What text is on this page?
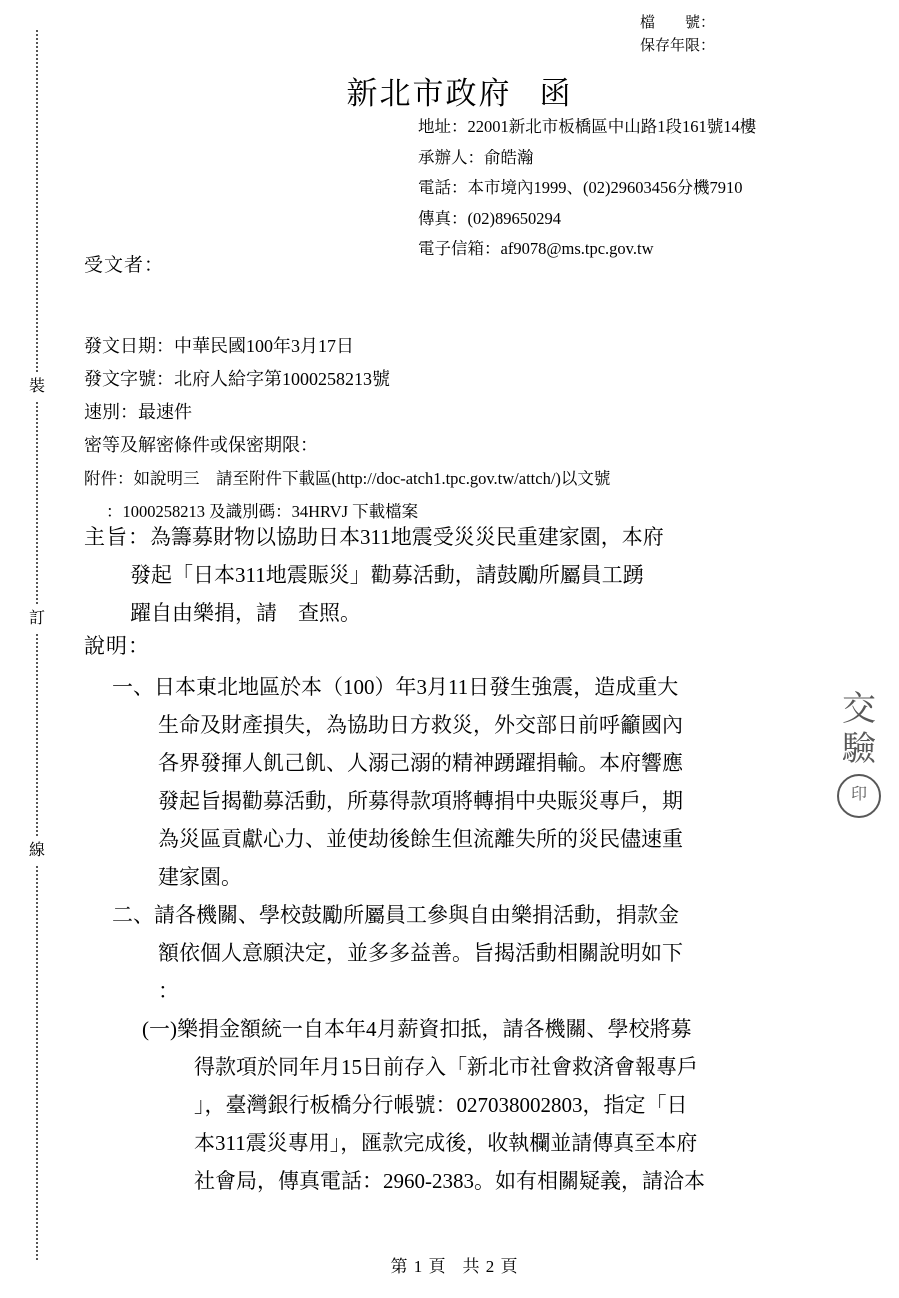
裝
訂
線
檔　　號：
保存年限：
新北市政府 函
地址：22001新北市板橋區中山路1段161號14樓
承辦人：俞皓瀚
電話：本市境內1999、(02)29603456分機7910
傳真：(02)89650294
電子信箱：af9078@ms.tpc.gov.tw
受文者：
發文日期：中華民國100年3月17日
發文字號：北府人給字第1000258213號
速別：最速件
密等及解密條件或保密期限：
附件：如說明三　請至附件下載區(http://doc-atch1.tpc.gov.tw/attch/)以文號
：1000258213 及識別碼：34HRVJ 下載檔案
主旨：為籌募財物以協助日本311地震受災災民重建家園，本府
發起「日本311地震賑災」勸募活動，請鼓勵所屬員工踴
躍自由樂捐，請　查照。
說明：
一、日本東北地區於本（100）年3月11日發生強震，造成重大
生命及財產損失，為協助日方救災，外交部日前呼籲國內
各界發揮人飢己飢、人溺己溺的精神踴躍捐輸。本府響應
發起旨揭勸募活動，所募得款項將轉捐中央賑災專戶，期
為災區貢獻心力、並使劫後餘生但流離失所的災民儘速重
建家園。
二、請各機關、學校鼓勵所屬員工參與自由樂捐活動，捐款金
額依個人意願決定，並多多益善。旨揭活動相關說明如下
：
(一)樂捐金額統一自本年4月薪資扣抵，請各機關、學校將募
得款項於同年月15日前存入「新北市社會救済會報專戶
」，臺灣銀行板橋分行帳號：027038002803，指定「日
本311震災專用」，匯款完成後，收執欄並請傳真至本府
社會局，傳真電話：2960-2383。如有相關疑義，請洽本
交
驗
印
第 1 頁 共 2 頁
